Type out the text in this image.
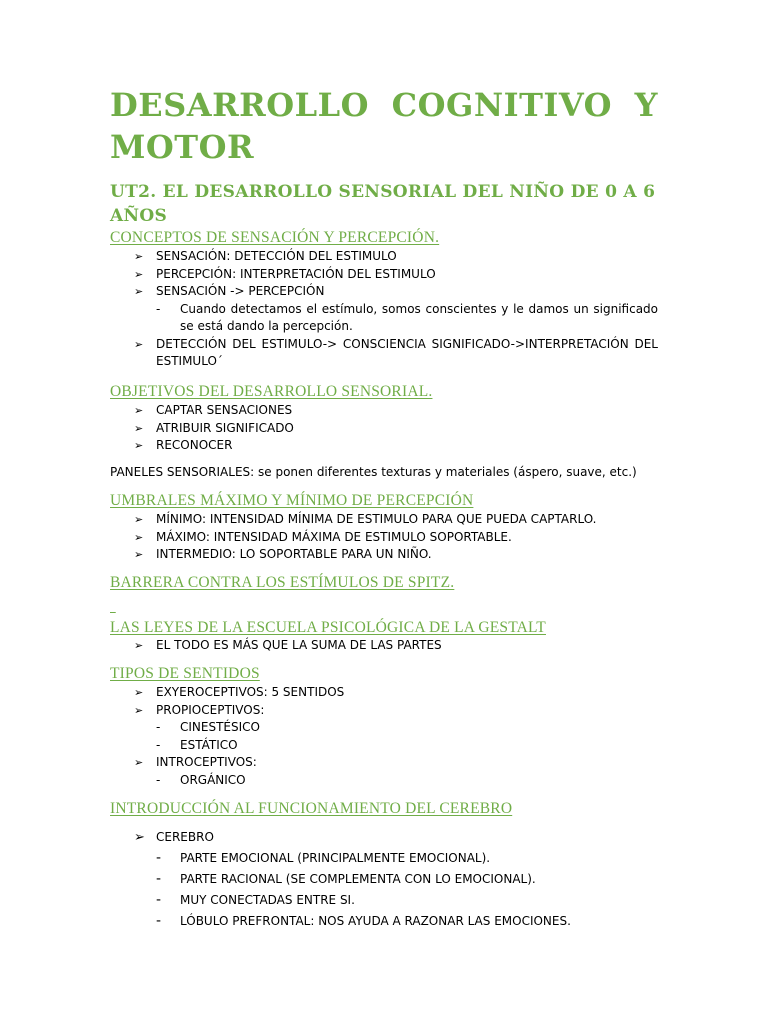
DESARROLLO COGNITIVO Y MOTOR
UT2. EL DESARROLLO SENSORIAL DEL NIÑO DE 0 A 6 AÑOS
CONCEPTOS DE SENSACIÓN Y PERCEPCIÓN.
➢ SENSACIÓN: DETECCIÓN DEL ESTIMULO
➢ PERCEPCIÓN: INTERPRETACIÓN DEL ESTIMULO
➢ SENSACIÓN -> PERCEPCIÓN
- Cuando detectamos el estímulo, somos conscientes y le damos un significado se está dando la percepción.
➢ DETECCIÓN DEL ESTIMULO-> CONSCIENCIA SIGNIFICADO->INTERPRETACIÓN DEL ESTIMULO´
OBJETIVOS DEL DESARROLLO SENSORIAL.
➢ CAPTAR SENSACIONES
➢ ATRIBUIR SIGNIFICADO
➢ RECONOCER
PANELES SENSORIALES: se ponen diferentes texturas y materiales (áspero, suave, etc.)
UMBRALES MÁXIMO Y MÍNIMO DE PERCEPCIÓN
➢ MÍNIMO: INTENSIDAD MÍNIMA DE ESTIMULO PARA QUE PUEDA CAPTARLO.
➢ MÁXIMO: INTENSIDAD MÁXIMA DE ESTIMULO SOPORTABLE.
➢ INTERMEDIO: LO SOPORTABLE PARA UN NIÑO.
BARRERA CONTRA LOS ESTÍMULOS DE SPITZ.

LAS LEYES DE LA ESCUELA PSICOLÓGICA DE LA GESTALT
➢ EL TODO ES MÁS QUE LA SUMA DE LAS PARTES
TIPOS DE SENTIDOS
➢ EXYEROCEPTIVOS: 5 SENTIDOS
➢ PROPIOCEPTIVOS:
- CINESTÉSICO
- ESTÁTICO
➢ INTROCEPTIVOS:
- ORGÁNICO
INTRODUCCIÓN AL FUNCIONAMIENTO DEL CEREBRO
➢ CEREBRO
- PARTE EMOCIONAL (PRINCIPALMENTE EMOCIONAL).
- PARTE RACIONAL (SE COMPLEMENTA CON LO EMOCIONAL).
- MUY CONECTADAS ENTRE SI.
- LÓBULO PREFRONTAL: NOS AYUDA A RAZONAR LAS EMOCIONES.
